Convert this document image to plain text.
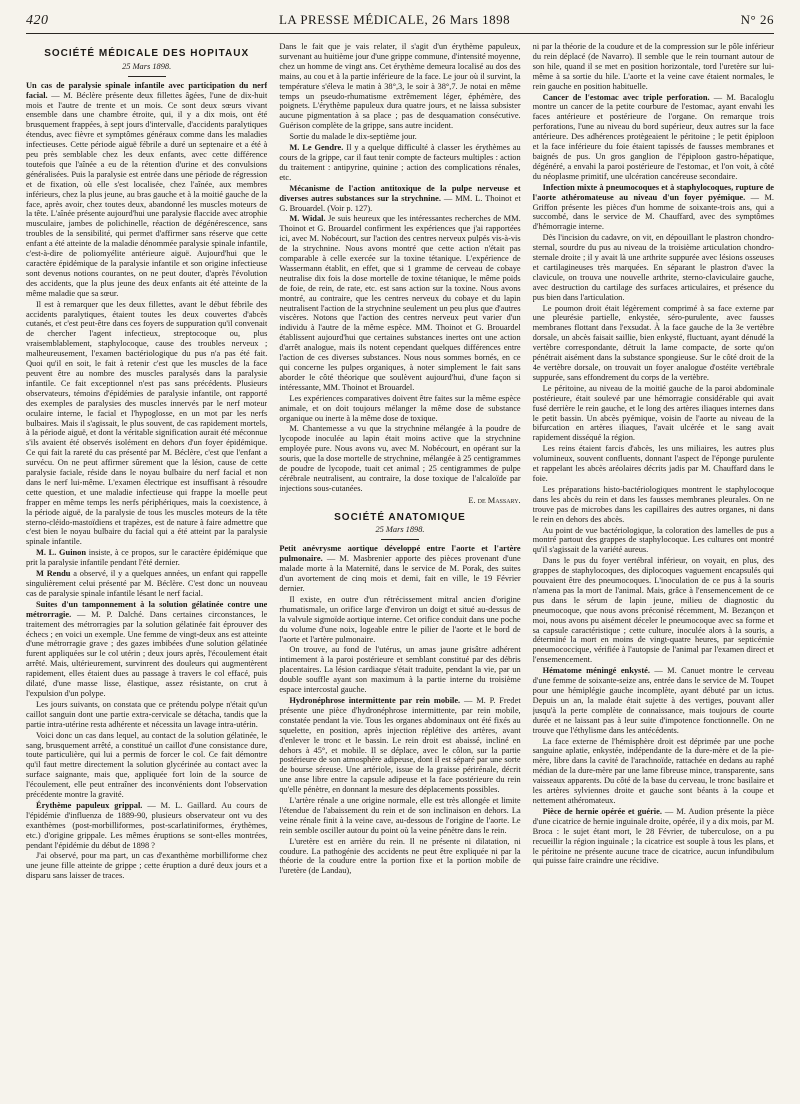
420	LA PRESSE MÉDICALE, 26 Mars 1898	N° 26
SOCIÉTÉ MÉDICALE DES HOPITAUX
25 Mars 1898.

Un cas de paralysie spinale infantile avec participation du nerf facial. — M. Béclère présente deux fillettes âgées, l'une de dix-huit mois et l'autre de trente et un mois. Ce sont deux sœurs vivant ensemble dans une chambre étroite, qui, il y a dix mois, ont été brusquement frappées, à sept jours d'intervalle, d'accidents paralytiques étendus, avec fièvre et symptômes généraux comme dans les maladies infectieuses. Cette période aiguë fébrile a duré un septenaire et a été à peu près semblable chez les deux enfants, avec cette différence toutefois que l'aînée a eu de la rétention d'urine et des convulsions généralisées. Puis la paralysie est entrée dans une période de régression et de fixation, où elle s'est localisée, chez l'aînée, aux membres inférieurs, chez la plus jeune, au bras gauche et à la moitié gauche de la face, après avoir, chez toutes deux, abandonné les muscles moteurs de la tête. L'aînée présente aujourd'hui une paralysie flaccide avec atrophie musculaire, jambes de polichinelle, réaction de dégénérescence, sans troubles de la sensibilité, qui permet d'affirmer sans réserve que cette enfant a été atteinte de la maladie dénommée paralysie spinale infantile, c'est-à-dire de poliomyélite antérieure aiguë. Aujourd'hui que le caractère épidémique de la paralysie infantile et son origine infectieuse sont devenus notions courantes, on ne peut douter, d'après l'évolution des accidents, que la plus jeune des deux enfants ait été atteinte de la même maladie que sa sœur.

Il est à remarquer que les deux fillettes, avant le début fébrile des accidents paralytiques, étaient toutes les deux couvertes d'abcès cutanés, et c'est peut-être dans ces foyers de suppuration qu'il convenait de chercher l'agent infectieux, streptocoque ou, plus vraisemblablement, staphylocoque, cause des troubles nerveux ; malheureusement, l'examen bactériologique du pus n'a pas été fait. Quoi qu'il en soit, le fait à retenir c'est que les muscles de la face peuvent être au nombre des muscles paralysés dans la paralysie infantile. Ce fait exceptionnel n'est pas sans précédents. Plusieurs observateurs, témoins d'épidémies de paralysie infantile, ont rapporté des exemples de paralysies des muscles innervés par le nerf moteur oculaire interne, le facial et l'hypoglosse, en un mot par les nerfs bulbaires. Mais il s'agissait, le plus souvent, de cas rapidement mortels, à la période aiguë, et dont la véritable signification aurait été méconnue s'ils avaient été observés isolément en dehors d'un foyer épidémique. Ce qui fait la rareté du cas présenté par M. Béclère, c'est que l'enfant a survécu. On ne peut affirmer sûrement que la lésion, cause de cette paralysie faciale, réside dans le noyau bulbaire du nerf facial et non dans le nerf lui-même. L'examen électrique est insuffisant à résoudre cette question, et une maladie infectieuse qui frappe la moelle peut frapper en même temps les nerfs périphériques, mais la coexistence, à la période aiguë, de la paralysie de tous les muscles moteurs de la tête sterno-cléido-mastoïdiens et trapèzes, est de nature à faire admettre que c'est bien le noyau bulbaire du facial qui a été atteint par la paralysie spinale infantile.

M. L. Guinon insiste, à ce propos, sur le caractère épidémique que prit la paralysie infantile pendant l'été dernier.

M Rendu a observé, il y a quelques années, un enfant qui rappelle singulièrement celui présenté par M. Béclère. C'est donc un nouveau cas de paralysie spinale infantile lésant le nerf facial.

Suites d'un tamponnement à la solution gélatinée contre une métrorragie. — M. P. Dalché. Dans certaines circonstances, le traitement des métrorragies par la solution gélatinée fait éprouver des échecs ; en voici un exemple. Une femme de vingt-deux ans est atteinte d'une métrorragie grave ; des gazes imbibées d'une solution gélatinée furent appliquées sur le col utérin ; deux jours après, l'écoulement était arrêté. Mais, ultérieurement, survinrent des douleurs qui augmentèrent rapidement, elles étaient dues au passage à travers le col effacé, puis dilaté, d'une masse lisse, élastique, assez résistante, on crut à l'expulsion d'un polype.

Les jours suivants, on constata que ce prétendu polype n'était qu'un caillot sanguin dont une partie extra-cervicale se détacha, tandis que la partie intra-utérine resta adhérente et nécessita un lavage intra-utérin.

Voici donc un cas dans lequel, au contact de la solution gélatinée, le sang, brusquement arrêté, a constitué un caillot d'une consistance dure, toute particulière, qui lui a permis de forcer le col. Ce fait démontre qu'il faut mettre directement la solution glycérinée au contact avec la surface saignante, mais que, appliquée fort loin de la source de l'écoulement, elle peut entraîner des inconvénients dont l'observation précédente montre la gravité.

Érythème papuleux grippal. — M. L. Gaillard. Au cours de l'épidémie d'influenza de 1889-90, plusieurs observateur ont vu des exanthèmes (post-morbilliformes, post-scarlatiniformes, érythèmes, etc.) d'origine grippale. Les mêmes éruptions se sont-elles montrées, pendant l'épidémie du début de 1898 ?

J'ai observé, pour ma part, un cas d'exanthème morbilliforme chez une jeune fille atteinte de grippe ; cette éruption a duré deux jours et a disparu sans laisser de traces.

Dans le fait que je vais relater, il s'agit d'un érythème papuleux, survenant au huitième jour d'une grippe commune, d'intensité moyenne, chez un homme de vingt ans. Cet érythème demeura localisé au dos des mains, au cou et à la partie inférieure de la face. Le jour où il survint, la température s'éleva le matin à 38°,3, le soir à 38°,7. Je notai en même temps un pseudo-rhumatisme extrêmement léger, éphémère, des poignets. L'érythème papuleux dura quatre jours, et ne laissa subsister aucune pigmentation à sa place ; pas de desquamation consécutive. Guérison complète de la grippe, sans autre incident.

Sortie du malade le dix-septième jour.

M. Le Gendre. Il y a quelque difficulté à classer les érythèmes au cours de la grippe, car il faut tenir compte de facteurs multiples : action du traitement : antipyrine, quinine ; action des complications rénales, etc.

Mécanisme de l'action antitoxique de la pulpe nerveuse et diverses autres substances sur la strychnine. — MM. L. Thoinot et G. Brouardel. (Voir p. 127).

M. Widal. Je suis heureux que les intéressantes recherches de MM. Thoinot et G. Brouardel confirment les expériences que j'ai rapportées ici, avec M. Nobécourt, sur l'action des centres nerveux pulpés vis-à-vis de la strychnine. Nous avons montré que cette action n'était pas comparable à celle exercée sur la toxine tétanique. L'expérience de Wassermann établit, en effet, que si 1 gramme de cerveau de cobaye neutralise dix fois la dose mortelle de toxine tétanique, le même poids de foie, de rein, de rate, etc. est sans action sur la toxine. Nous avons montré, au contraire, que les centres nerveux du cobaye et du lapin neutralisent l'action de la strychnine seulement un peu plus que d'autres viscères. Notons que l'action des centres nerveux peut varier d'un individu à l'autre de la même espèce. MM. Thoinot et G. Brouardel établissent aujourd'hui que certaines substances inertes ont une action d'arrêt analogue, mais ils notent cependant quelques différences entre l'action de ces diverses substances. Nous nous sommes bornés, en ce qui concerne les pulpes organiques, à noter simplement le fait sans aborder le côté théorique que soulèvent aujourd'hui, d'une façon si intéressante, MM. Thoinot et Brouardel.

Les expériences comparatives doivent être faites sur la même espèce animale, et on doit toujours mélanger la même dose de substance organique ou inerte à la même dose de toxique.

M. Chantemesse a vu que la strychnine mélangée à la poudre de lycopode inoculée au lapin était moins active que la strychnine employée pure. Nous avons vu, avec M. Nobécourt, en opérant sur la souris, que la dose mortelle de strychnine, mélangée à 25 centigrammes de poudre de lycopode, tuait cet animal ; 25 centigrammes de pulpe cérébrale neutralisent, au contraire, la dose toxique de l'alcaloïde par injections sous-cutanées.

E. de Massary.
SOCIÉTÉ ANATOMIQUE
25 Mars 1898.

Petit anévrysme aortique développé entre l'aorte et l'artère pulmonaire. — M. Masbrenier apporte des pièces provenant d'une malade morte à la Maternité, dans le service de M. Porak, des suites d'un avortement de cinq mois et demi, fait en ville, le 19 Février dernier.

Il existe, en outre d'un rétrécissement mitral ancien d'origine rhumatismale, un orifice large d'environ un doigt et situé au-dessus de la valvule sigmoïde aortique interne. Cet orifice conduit dans une poche du volume d'une noix, logeable entre le pilier de l'aorte et le bord de l'aorte et l'artère pulmonaire.

On trouve, au fond de l'utérus, un amas jaune grisâtre adhérent intimement à la paroi postérieure et semblant constitué par des débris placentaires. La lésion cardiaque s'était traduite, pendant la vie, par un double souffle ayant son maximum à la partie interne du troisième espace intercostal gauche.

Hydronéphrose intermittente par rein mobile. — M. P. Fredet présente une pièce d'hydronéphrose intermittente, par rein mobile, constatée pendant la vie. Tous les organes abdominaux ont été fixés au squelette, en position, après injection réplétive des artères, avant d'enlever le tronc et le bassin. Le rein droit est abaissé, incliné en dehors à 45°, et mobile. Il se déplace, avec le côlon, sur la partie postérieure de son atmosphère adipeuse, dont il est séparé par une sorte de bourse séreuse. Une artériole, issue de la graisse périrénale, décrit une anse libre entre la capsule adipeuse et la face postérieure du rein qu'elle pénètre, en donnant la mesure des déplacements possibles.

L'artère rénale a une origine normale, elle est très allongée et limite l'étendue de l'abaissement du rein et de son inclinaison en dehors. La veine rénale finit à la veine cave, au-dessous de l'origine de l'aorte. Le rein semble osciller autour du point où la veine pénètre dans le rein.

L'uretère est en arrière du rein. Il ne présente ni dilatation, ni coudure. La pathogénie des accidents ne peut être expliquée ni par la théorie de la coudure entre la portion fixe et la portion mobile de l'uretère (de Landau),

ni par la théorie de la coudure et de la compression sur le pôle inférieur du rein déplacé (de Navarro). Il semble que le rein tournant autour de son hile, quand il se met en position horizontale, tord l'uretère sur lui-même à sa sortie du hile. L'aorte et la veine cave étaient normales, le rein gauche en position habituelle.

Cancer de l'estomac avec triple perforation. — M. Bacaloglu montre un cancer de la petite courbure de l'estomac, ayant envahi les faces antérieure et postérieure de l'organe. On remarque trois perforations, l'une au niveau du bord supérieur, deux autres sur la face antérieure. Des adhérences protègeaient le péritoine ; le petit épiploon et la face inférieure du foie étaient tapissés de fausses membranes et baignés de pus. Un gros ganglion de l'épiploon gastro-hépatique, dégénéré, a envahi la paroi postérieure de l'estomac, et l'on voit, à côté du néoplasme primitif, une ulcération cancéreuse secondaire.

Infection mixte à pneumocoques et à staphylocoques, rupture de l'aorte athéromateuse au niveau d'un foyer pyémique. — M. Griffon présente les pièces d'un homme de soixante-trois ans, qui a succombé, dans le service de M. Chauffard, avec des symptômes d'hémorragie interne.

Dès l'incision du cadavre, on vit, en dépouillant le plastron chondro-sternal, sourdre du pus au niveau de la troisième articulation chondro-sternale droite ; il y avait là une arthrite suppurée avec lésions osseuses et cartilagineuses très marquées. En séparant le plastron d'avec la clavicule, on trouva une nouvelle arthrite, sterno-claviculaire gauche, avec destruction du cartilage des surfaces articulaires, et présence du pus bien dans l'articulation.

Le poumon droit était légèrement comprimé à sa face externe par une pleurésie partielle, enkystée, séro-purulente, avec fausses membranes flottant dans l'exsudat. À la face gauche de la 3e vertèbre dorsale, un abcès faisait saillie, bien enkysté, fluctuant, ayant dénudé la vertèbre correspondante, détruit la lame compacte, de sorte qu'on pénétrait aisément dans la substance spongieuse. Sur le côté droit de la 4e vertèbre dorsale, on trouvait un foyer analogue d'ostéite vertébrale suppurée, sans effondrement du corps de la vertèbre.

Le péritoine, au niveau de la moitié gauche de la paroi abdominale postérieure, était soulevé par une hémorragie considérable qui avait fusé derrière le rein gauche, et le long des artères iliaques internes dans le petit bassin. Un abcès pyémique, voisin de l'aorte au niveau de la bifurcation en artères iliaques, l'avait ulcérée et le sang avait rapidement disséqué la région.

Les reins étaient farcis d'abcès, les uns miliaires, les autres plus volumineux, souvent confluents, donnant l'aspect de l'éponge purulente et rappelant les abcès aréolaires décrits jadis par M. Chauffard dans le foie.

Les préparations histo-bactériologiques montrent le staphylocoque dans les abcès du rein et dans les fausses membranes pleurales. On ne trouve pas de microbes dans les capillaires des autres organes, ni dans le rein en dehors des abcès.

Au point de vue bactériologique, la coloration des lamelles de pus a montré partout des grappes de staphylocoque. Les cultures ont montré qu'il s'agissait de la variété aureus.

Dans le pus du foyer vertébral inférieur, on voyait, en plus, des grappes de staphylocoques, des diplocoques vaguement encapsulés qui pouvaient être des pneumocoques. L'inoculation de ce pus à la souris n'amena pas la mort de l'animal. Mais, grâce à l'ensemencement de ce pus dans le sérum de lapin jeune, milieu de diagnostic du pneumocoque, que nous avons préconisé récemment, M. Bezançon et moi, nous avons pu aisément déceler le pneumocoque avec sa forme et sa capsule caractéristique ; cette culture, inoculée alors à la souris, a déterminé la mort en moins de vingt-quatre heures, par septicémie pneumococcique, vérifiée à l'autopsie de l'animal par l'examen direct et l'ensemencement.

Hématome méningé enkysté. — M. Canuet montre le cerveau d'une femme de soixante-seize ans, entrée dans le service de M. Toupet pour une hémiplégie gauche incomplète, ayant débuté par un ictus. Depuis un an, la malade était sujette à des vertiges, pouvant aller jusqu'à la perte complète de connaissance, mais toujours de courte durée et ne laissant pas à leur suite d'impotence fonctionnelle. On ne trouve que l'éthylisme dans les antécédents.

La face externe de l'hémisphère droit est déprimée par une poche sanguine aplatie, enkystée, indépendante de la dure-mère et de la pie-mère, libre dans la cavité de l'arachnoïde, rattachée en dedans au raphé médian de la dure-mère par une lame fibreuse mince, transparente, sans vaisseaux apparents. Du côté de la base du cerveau, le tronc basilaire et les artères sylviennes droite et gauche sont béants à la coupe et nettement athéromateux.

Pièce de hernie opérée et guérie. — M. Audion présente la pièce d'une cicatrice de hernie inguinale droite, opérée, il y a dix mois, par M. Broca : le sujet étant mort, le 28 Février, de tuberculose, on a pu recueillir la région inguinale ; la cicatrice est souple à tous les plans, et le péritoine ne présente aucune trace de cicatrice, aucun infundibulum qui puisse faire craindre une récidive.
